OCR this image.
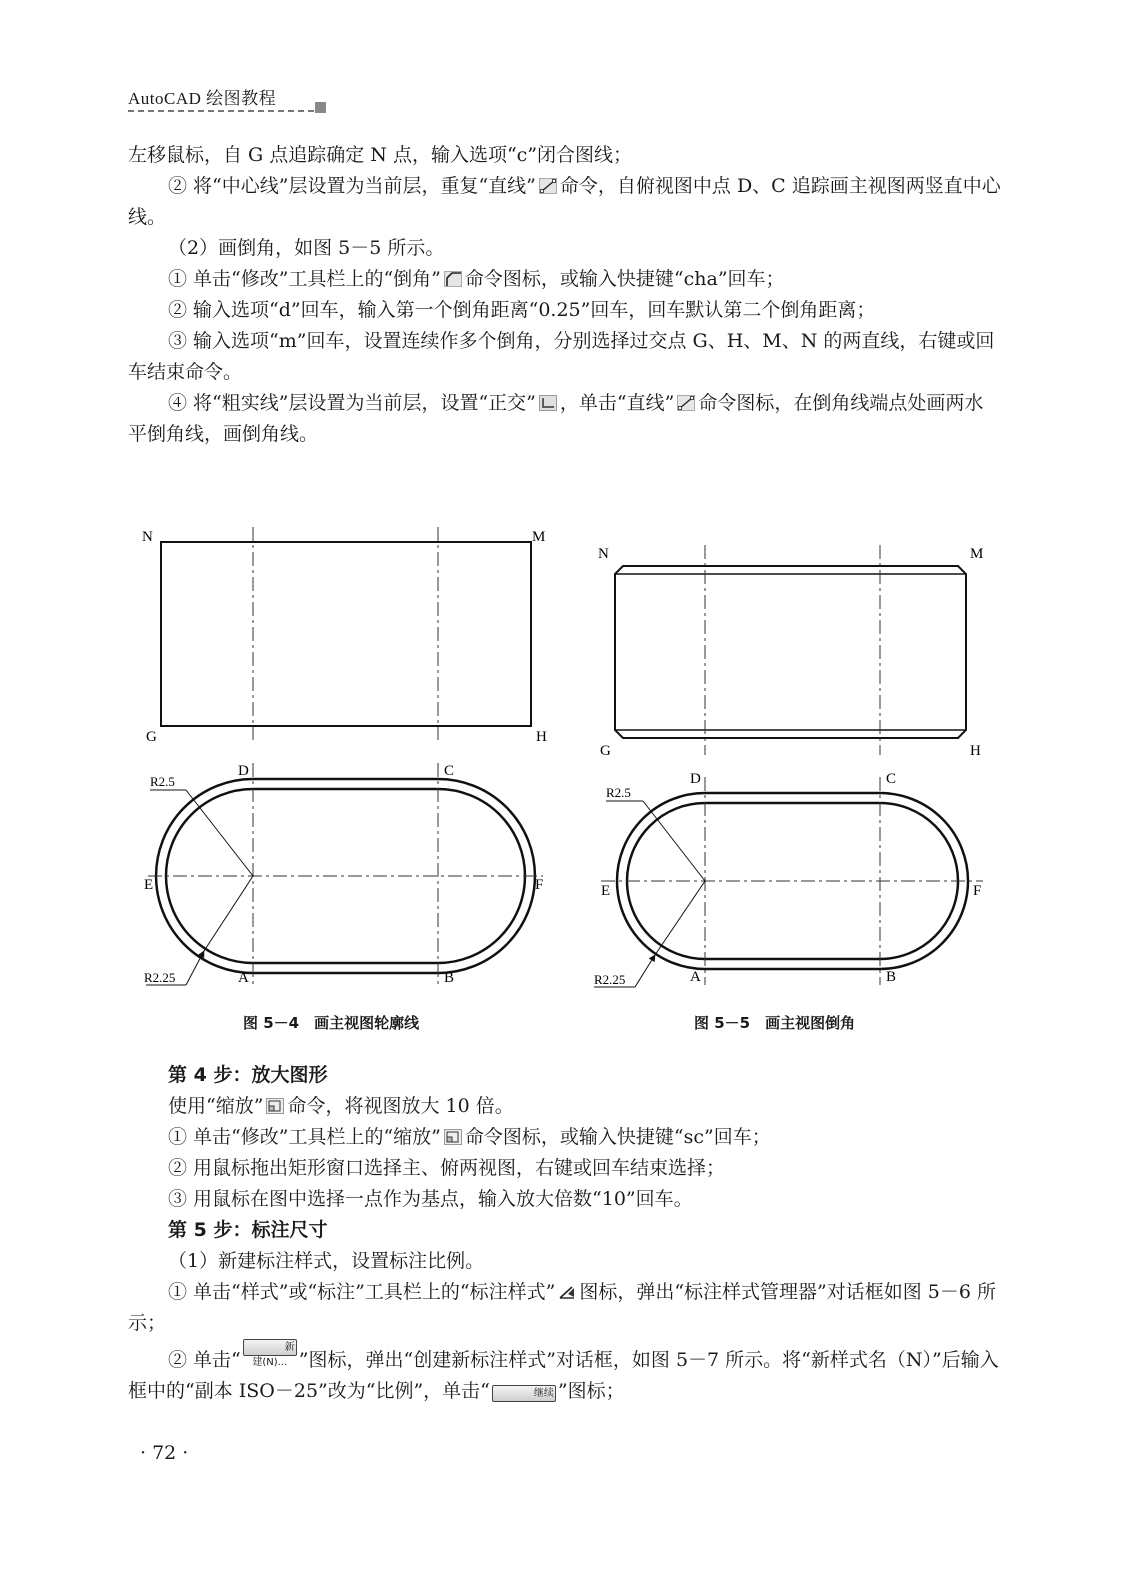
AutoCAD 绘图教程

左移鼠标，自 G 点追踪确定 N 点，输入选项“c”闭合图线；

② 将“中心线”层设置为当前层，重复“直线” 命令，自俯视图中点 D、C 追踪画主视图两竖直中心线。

（2）画倒角，如图 5－5 所示。

① 单击“修改”工具栏上的“倒角” 命令图标，或输入快捷键“cha”回车；

② 输入选项“d”回车，输入第一个倒角距离“0.25”回车，回车默认第二个倒角距离；

③ 输入选项“m”回车，设置连续作多个倒角，分别选择过交点 G、H、M、N 的两直线，右键或回车结束命令。

④ 将“粗实线”层设置为当前层，设置“正交” ，单击“直线” 命令图标，在倒角线端点处画两水平倒角线，画倒角线。

N	M
G	H
R2.5
R2.25
D	C
E	F
A	B
N	M
G	H
R2.5
R2.25
D	C
E	F
A	B
图 5－4　画主视图轮廓线	图 5－5　画主视图倒角

第 4 步：放大图形

使用“缩放” 命令，将视图放大 10 倍。

① 单击“修改”工具栏上的“缩放” 命令图标，或输入快捷键“sc”回车；

② 用鼠标拖出矩形窗口选择主、俯两视图，右键或回车结束选择；

③ 用鼠标在图中选择一点作为基点，输入放大倍数“10”回车。

第 5 步：标注尺寸

（1）新建标注样式，设置标注比例。

① 单击“样式”或“标注”工具栏上的“标注样式” 图标，弹出“标注样式管理器”对话框如图 5－6 所示；

② 单击“新建(N)... ”图标，弹出“创建新标注样式”对话框，如图 5－7 所示。将“新样式名（N）”后输入框中的“副本 ISO－25”改为“比例”，单击“	继续 ”图标；

· 72 ·
